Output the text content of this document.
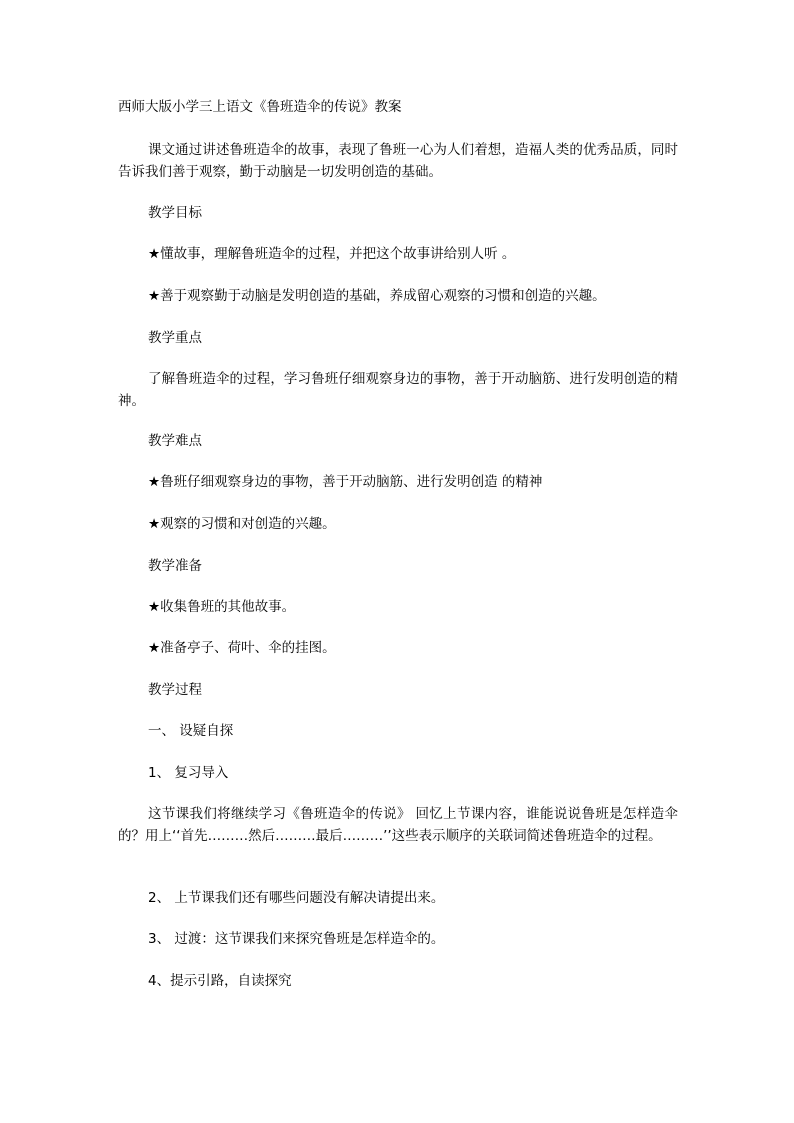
西师大版小学三上语文《鲁班造伞的传说》教案
课文通过讲述鲁班造伞的故事，表现了鲁班一心为人们着想，造福人类的优秀品质，同时告诉我们善于观察，勤于动脑是一切发明创造的基础。
教学目标
★懂故事，理解鲁班造伞的过程，并把这个故事讲给别人听 。
★善于观察勤于动脑是发明创造的基础，养成留心观察的习惯和创造的兴趣。
教学重点
了解鲁班造伞的过程，学习鲁班仔细观察身边的事物，善于开动脑筋、进行发明创造的精神。
教学难点
★鲁班仔细观察身边的事物，善于开动脑筋、进行发明创造 的精神
★观察的习惯和对创造的兴趣。
教学准备
★收集鲁班的其他故事。
★准备亭子、荷叶、伞的挂图。
教学过程
一、 设疑自探
1、 复习导入
这节课我们将继续学习《鲁班造伞的传说》 回忆上节课内容，谁能说说鲁班是怎样造伞的？用上‘‘首先………然后………最后………’’这些表示顺序的关联词简述鲁班造伞的过程。
2、 上节课我们还有哪些问题没有解决请提出来。
3、 过渡：这节课我们来探究鲁班是怎样造伞的。
4、提示引路，自读探究
